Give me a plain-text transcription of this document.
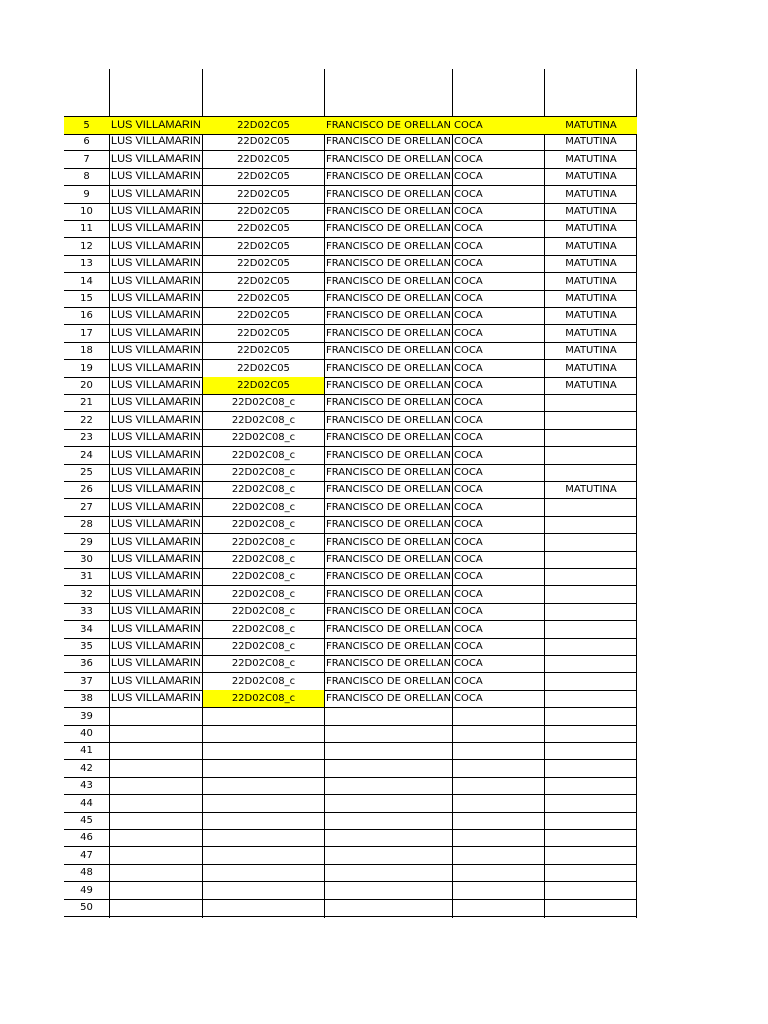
5	LUS VILLAMARIN	22D02C05	FRANCISCO DE ORELLAN COCA	MATUTINA
6	LUS VILLAMARIN	22D02C05	FRANCISCO DE ORELLAN COCA	MATUTINA
7	LUS VILLAMARIN	22D02C05	FRANCISCO DE ORELLAN COCA	MATUTINA
8	LUS VILLAMARIN	22D02C05	FRANCISCO DE ORELLAN COCA	MATUTINA
9	LUS VILLAMARIN	22D02C05	FRANCISCO DE ORELLAN COCA	MATUTINA
10	LUS VILLAMARIN	22D02C05	FRANCISCO DE ORELLAN COCA	MATUTINA
11	LUS VILLAMARIN	22D02C05	FRANCISCO DE ORELLAN COCA	MATUTINA
12	LUS VILLAMARIN	22D02C05	FRANCISCO DE ORELLAN COCA	MATUTINA
13	LUS VILLAMARIN	22D02C05	FRANCISCO DE ORELLAN COCA	MATUTINA
14	LUS VILLAMARIN	22D02C05	FRANCISCO DE ORELLAN COCA	MATUTINA
15	LUS VILLAMARIN	22D02C05	FRANCISCO DE ORELLAN COCA	MATUTINA
16	LUS VILLAMARIN	22D02C05	FRANCISCO DE ORELLAN COCA	MATUTINA
17	LUS VILLAMARIN	22D02C05	FRANCISCO DE ORELLAN COCA	MATUTINA
18	LUS VILLAMARIN	22D02C05	FRANCISCO DE ORELLAN COCA	MATUTINA
19	LUS VILLAMARIN	22D02C05	FRANCISCO DE ORELLAN COCA	MATUTINA
20	LUS VILLAMARIN	22D02C05	FRANCISCO DE ORELLAN COCA	MATUTINA
21	LUS VILLAMARIN	22D02C08_c	FRANCISCO DE ORELLAN COCA
22	LUS VILLAMARIN	22D02C08_c	FRANCISCO DE ORELLAN COCA
23	LUS VILLAMARIN	22D02C08_c	FRANCISCO DE ORELLAN COCA
24	LUS VILLAMARIN	22D02C08_c	FRANCISCO DE ORELLAN COCA
25	LUS VILLAMARIN	22D02C08_c	FRANCISCO DE ORELLAN COCA
26	LUS VILLAMARIN	22D02C08_c	FRANCISCO DE ORELLAN COCA	MATUTINA
27	LUS VILLAMARIN	22D02C08_c	FRANCISCO DE ORELLAN COCA
28	LUS VILLAMARIN	22D02C08_c	FRANCISCO DE ORELLAN COCA
29	LUS VILLAMARIN	22D02C08_c	FRANCISCO DE ORELLAN COCA
30	LUS VILLAMARIN	22D02C08_c	FRANCISCO DE ORELLAN COCA
31	LUS VILLAMARIN	22D02C08_c	FRANCISCO DE ORELLAN COCA
32	LUS VILLAMARIN	22D02C08_c	FRANCISCO DE ORELLAN COCA
33	LUS VILLAMARIN	22D02C08_c	FRANCISCO DE ORELLAN COCA
34	LUS VILLAMARIN	22D02C08_c	FRANCISCO DE ORELLAN COCA
35	LUS VILLAMARIN	22D02C08_c	FRANCISCO DE ORELLAN COCA
36	LUS VILLAMARIN	22D02C08_c	FRANCISCO DE ORELLAN COCA
37	LUS VILLAMARIN	22D02C08_c	FRANCISCO DE ORELLAN COCA
38	LUS VILLAMARIN	22D02C08_c	FRANCISCO DE ORELLAN COCA
39
40
41
42
43
44
45
46
47
48
49
50
